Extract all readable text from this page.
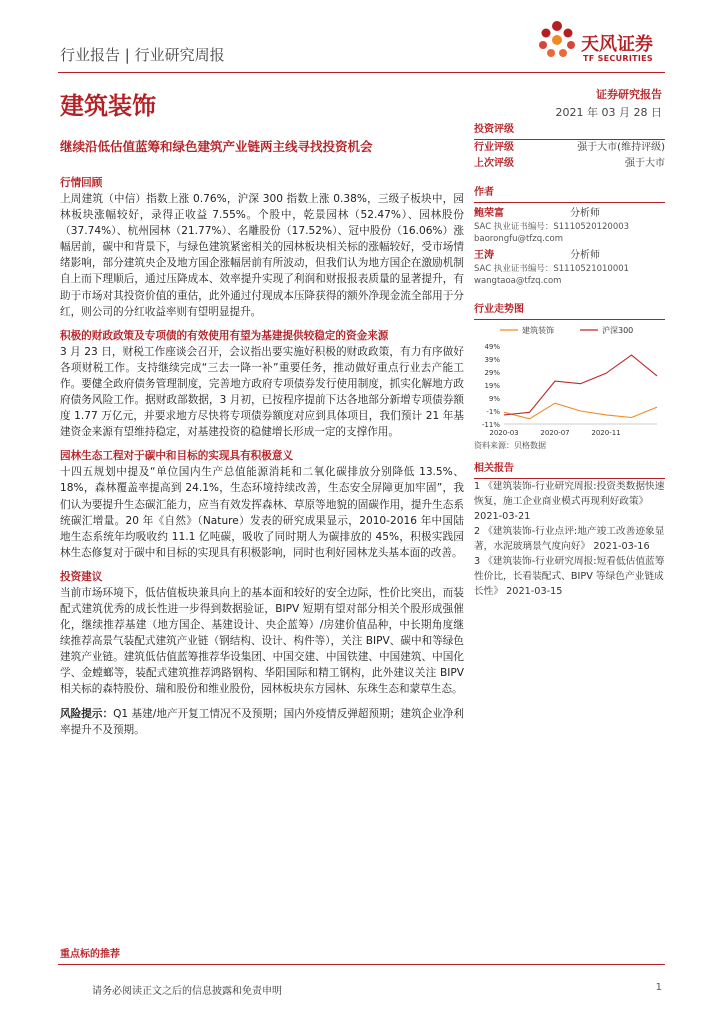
行业报告 | 行业研究周报	天风证券
TF SECURITIES
建筑装饰	证券研究报告
2021 年 03 月 28 日
继续沿低估值蓝筹和绿色建筑产业链两主线寻找投资机会
行情回顾
上周建筑（中信）指数上涨 0.76%，沪深 300 指数上涨 0.38%，三级子板块中，园林板块涨幅较好，录得正收益 7.55%。个股中，乾景园林（52.47%）、园林股份（37.74%）、杭州园林（21.77%）、名雕股份（17.52%）、冠中股份（16.06%）涨幅居前，碳中和背景下，与绿色建筑紧密相关的园林板块相关标的涨幅较好，受市场情绪影响，部分建筑央企及地方国企涨幅居前有所波动，但我们认为地方国企在激励机制自上而下理顺后，通过压降成本、效率提升实现了利润和财报报表质量的显著提升，有助于市场对其投资价值的重估，此外通过付现成本压降获得的额外净现金流全部用于分红，则公司的分红收益率则有望明显提升。
积极的财政政策及专项债的有效使用有望为基建提供较稳定的资金来源
3 月 23 日，财税工作座谈会召开，会议指出要实施好积极的财政政策，有力有序做好各项财税工作。支持继续完成“三去一降一补”重要任务，推动做好重点行业去产能工作。要健全政府债务管理制度，完善地方政府专项债券发行使用制度，抓实化解地方政府债务风险工作。据财政部数据，3 月初，已按程序提前下达各地部分新增专项债券额度 1.77 万亿元，并要求地方尽快将专项债券额度对应到具体项目，我们预计 21 年基建资金来源有望维持稳定，对基建投资的稳健增长形成一定的支撑作用。
园林生态工程对于碳中和目标的实现具有积极意义
十四五规划中提及“单位国内生产总值能源消耗和二氧化碳排放分别降低 13.5%、18%，森林覆盖率提高到 24.1%，生态环境持续改善，生态安全屏障更加牢固”，我们认为要提升生态碳汇能力，应当有效发挥森林、草原等地貌的固碳作用，提升生态系统碳汇增量。20 年《自然》（Nature）发表的研究成果显示，2010-2016 年中国陆地生态系统年均吸收约 11.1 亿吨碳，吸收了同时期人为碳排放的 45%，积极实践园林生态修复对于碳中和目标的实现具有积极影响，同时也利好园林龙头基本面的改善。
投资建议
当前市场环境下，低估值板块兼具向上的基本面和较好的安全边际，性价比突出，而装配式建筑优秀的成长性进一步得到数据验证，BIPV 短期有望对部分相关个股形成强催化，继续推荐基建（地方国企、基建设计、央企蓝筹）/房建价值品种，中长期角度继续推荐高景气装配式建筑产业链（钢结构、设计、构件等），关注 BIPV、碳中和等绿色建筑产业链。建筑低估值蓝筹推荐华设集团、中国交建、中国铁建、中国建筑、中国化学、金螳螂等，装配式建筑推荐鸿路钢构、华阳国际和精工钢构，此外建议关注 BIPV 相关标的森特股份、瑞和股份和维业股份，园林板块东方园林、东珠生态和蒙草生态。
风险提示：Q1 基建/地产开复工情况不及预期；国内外疫情反弹超预期；建筑企业净利率提升不及预期。
投资评级
行业评级	强于大市(维持评级)
上次评级	强于大市
作者
鲍荣富	分析师
SAC 执业证书编号：S1110520120003
baorongfu@tfzq.com
王涛	分析师
SAC 执业证书编号：S1110521010001
wangtaoa@tfzq.com
行业走势图
建筑装饰	沪深300
49%
39%
29%
19%
9%
-1%
-11%
2020-03	2020-07	2020-11
资料来源：贝格数据
相关报告
1 《建筑装饰-行业研究周报:投资类数据快速恢复，施工企业商业模式再现利好政策》 2021-03-21
2 《建筑装饰-行业点评:地产竣工改善迹象显著，水泥玻璃景气度向好》 2021-03-16
3 《建筑装饰-行业研究周报:短看低估值蓝筹性价比，长看装配式、BIPV 等绿色产业链成长性》 2021-03-15
重点标的推荐
请务必阅读正文之后的信息披露和免责申明	1
